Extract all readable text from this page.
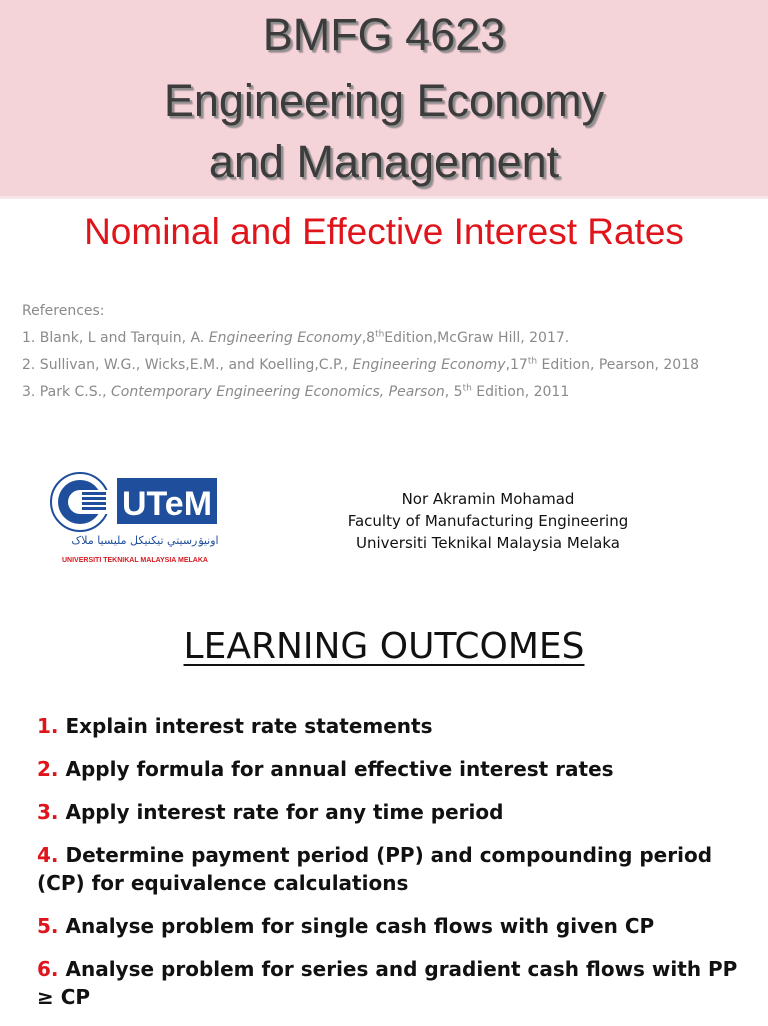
BMFG 4623
Engineering Economy
and Management
Nominal and Effective Interest Rates
References:
1. Blank, L and Tarquin, A. Engineering Economy,8thEdition,McGraw Hill, 2017.
2. Sullivan, W.G., Wicks,E.M., and Koelling,C.P., Engineering Economy,17th Edition, Pearson, 2018
3. Park C.S., Contemporary Engineering Economics, Pearson, 5th Edition, 2011
UTeM
اونيۏرسيتي تيكنيكل مليسيا ملاک
UNIVERSITI TEKNIKAL MALAYSIA MELAKA
Nor Akramin Mohamad
Faculty of Manufacturing Engineering
Universiti Teknikal Malaysia Melaka
LEARNING OUTCOMES
1. Explain interest rate statements
2. Apply formula for annual effective interest rates
3. Apply interest rate for any time period
4. Determine payment period (PP) and compounding period (CP) for equivalence calculations
5. Analyse problem for single cash flows with given CP
6. Analyse problem for series and gradient cash flows with PP ≥ CP
